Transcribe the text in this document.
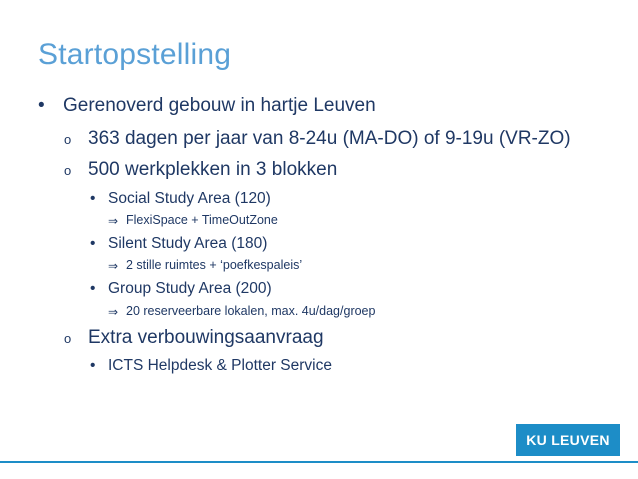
Startopstelling
• Gerenoverd gebouw in hartje Leuven
o 363 dagen per jaar van 8-24u (MA-DO) of 9-19u (VR-ZO)
o 500 werkplekken in 3 blokken
• Social Study Area (120)
⇒ FlexiSpace + TimeOutZone
• Silent Study Area (180)
⇒ 2 stille ruimtes + ‘poefkespaleis’
• Group Study Area (200)
⇒ 20 reserveerbare lokalen, max. 4u/dag/groep
o Extra verbouwingsaanvraag
• ICTS Helpdesk & Plotter Service
KU LEUVEN
